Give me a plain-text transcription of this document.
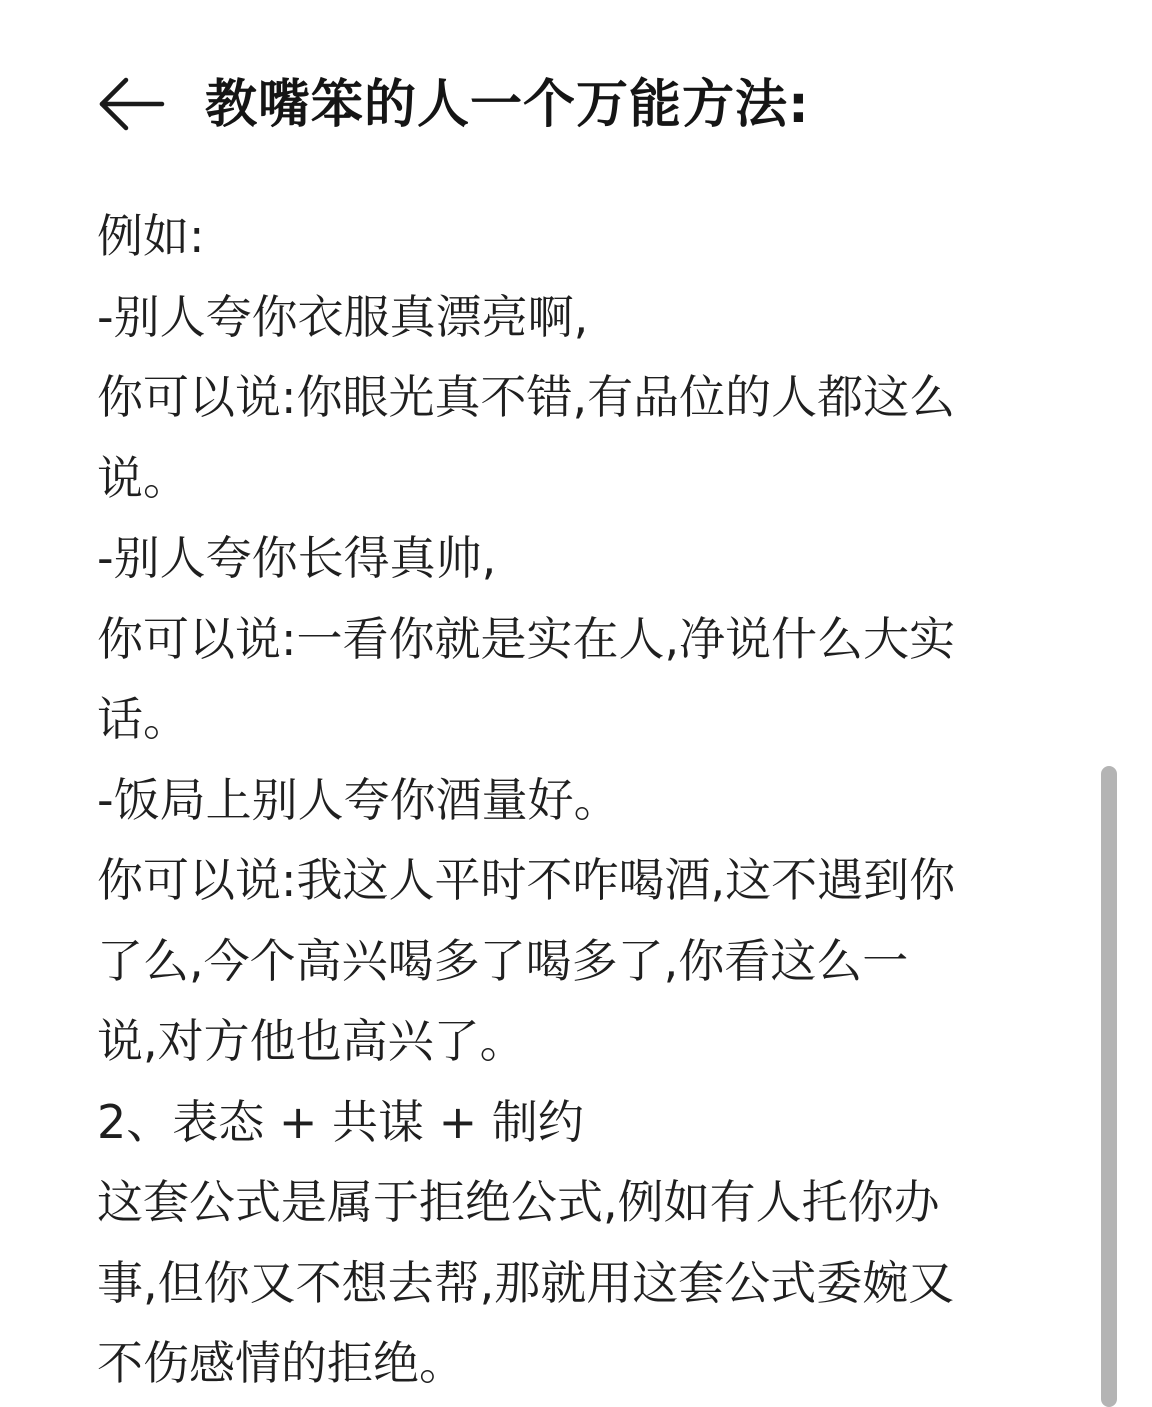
教嘴笨的人一个万能方法:
例如:
-别人夸你衣服真漂亮啊,
你可以说:你眼光真不错,有品位的人都这么
说。
-别人夸你长得真帅,
你可以说:一看你就是实在人,净说什么大实
话。
-饭局上别人夸你酒量好。
你可以说:我这人平时不咋喝酒,这不遇到你
了么,今个高兴喝多了喝多了,你看这么一
说,对方他也高兴了。
2、表态 + 共谋 + 制约
这套公式是属于拒绝公式,例如有人托你办
事,但你又不想去帮,那就用这套公式委婉又
不伤感情的拒绝。
